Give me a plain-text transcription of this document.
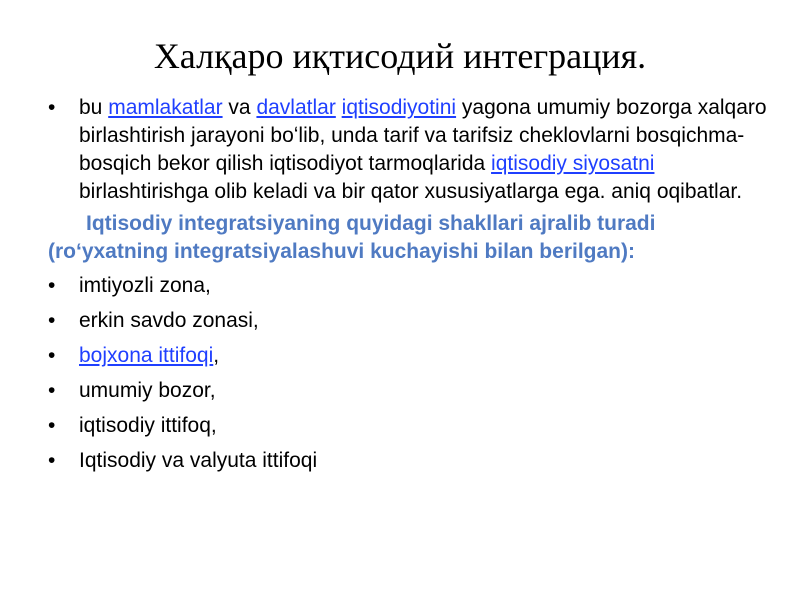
Халқаро иқтисодий интеграция.
•	bu mamlakatlar va davlatlar iqtisodiyotini yagona umumiy bozorga xalqaro birlashtirish jarayoni boʻlib, unda tarif va tarifsiz cheklovlarni bosqichma-bosqich bekor qilish iqtisodiyot tarmoqlarida iqtisodiy siyosatni birlashtirishga olib keladi va bir qator xususiyatlarga ega. aniq oqibatlar.

Iqtisodiy integratsiyaning quyidagi shakllari ajralib turadi (roʻyxatning integratsiyalashuvi kuchayishi bilan berilgan):

•	imtiyozli zona,
•	erkin savdo zonasi,
•	bojxona ittifoqi,
•	umumiy bozor,
•	iqtisodiy ittifoq,
•	Iqtisodiy va valyuta ittifoqi
